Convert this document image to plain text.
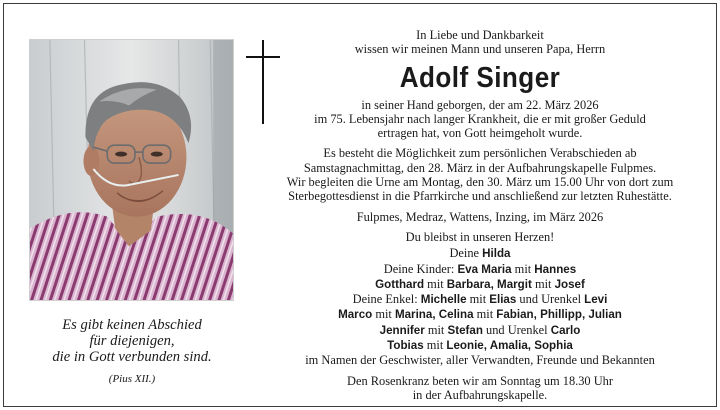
Es gibt keinen Abschied
für diejenigen,
die in Gott verbunden sind.
(Pius XII.)
In Liebe und Dankbarkeit
wissen wir meinen Mann und unseren Papa, Herrn
Adolf Singer
in seiner Hand geborgen, der am 22. März 2026
im 75. Lebensjahr nach langer Krankheit, die er mit großer Geduld
ertragen hat, von Gott heimgeholt wurde.
Es besteht die Möglichkeit zum persönlichen Verabschieden ab
Samstagnachmittag, den 28. März in der Aufbahrungskapelle Fulpmes.
Wir begleiten die Urne am Montag, den 30. März um 15.00 Uhr von dort zum
Sterbegottesdienst in die Pfarrkirche und anschließend zur letzten Ruhestätte.
Fulpmes, Medraz, Wattens, Inzing, im März 2026
Du bleibst in unseren Herzen!
Deine Hilda
Deine Kinder: Eva Maria mit Hannes
Gotthard mit Barbara, Margit mit Josef
Deine Enkel: Michelle mit Elias und Urenkel Levi
Marco mit Marina, Celina mit Fabian, Phillipp, Julian
Jennifer mit Stefan und Urenkel Carlo
Tobias mit Leonie, Amalia, Sophia
im Namen der Geschwister, aller Verwandten, Freunde und Bekannten
Den Rosenkranz beten wir am Sonntag um 18.30 Uhr
in der Aufbahrungskapelle.
